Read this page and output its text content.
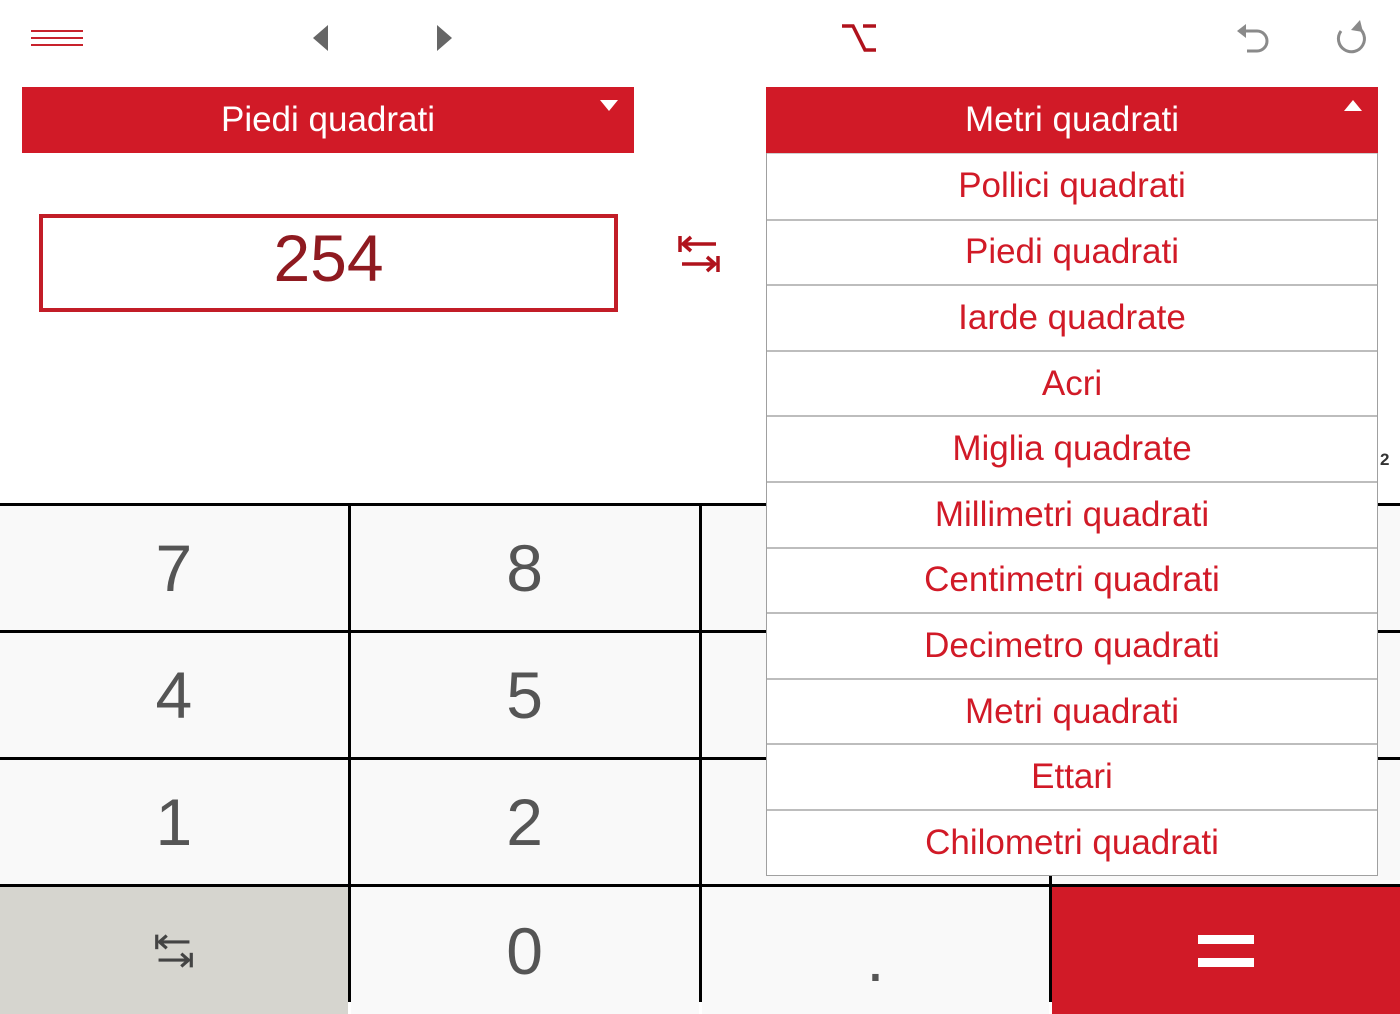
Piedi quadrati	Metri quadrati
254
2
7	8
4	5
1	2
0	.
Pollici quadrati
Piedi quadrati
Iarde quadrate
Acri
Miglia quadrate
Millimetri quadrati
Centimetri quadrati
Decimetro quadrati
Metri quadrati
Ettari
Chilometri quadrati
